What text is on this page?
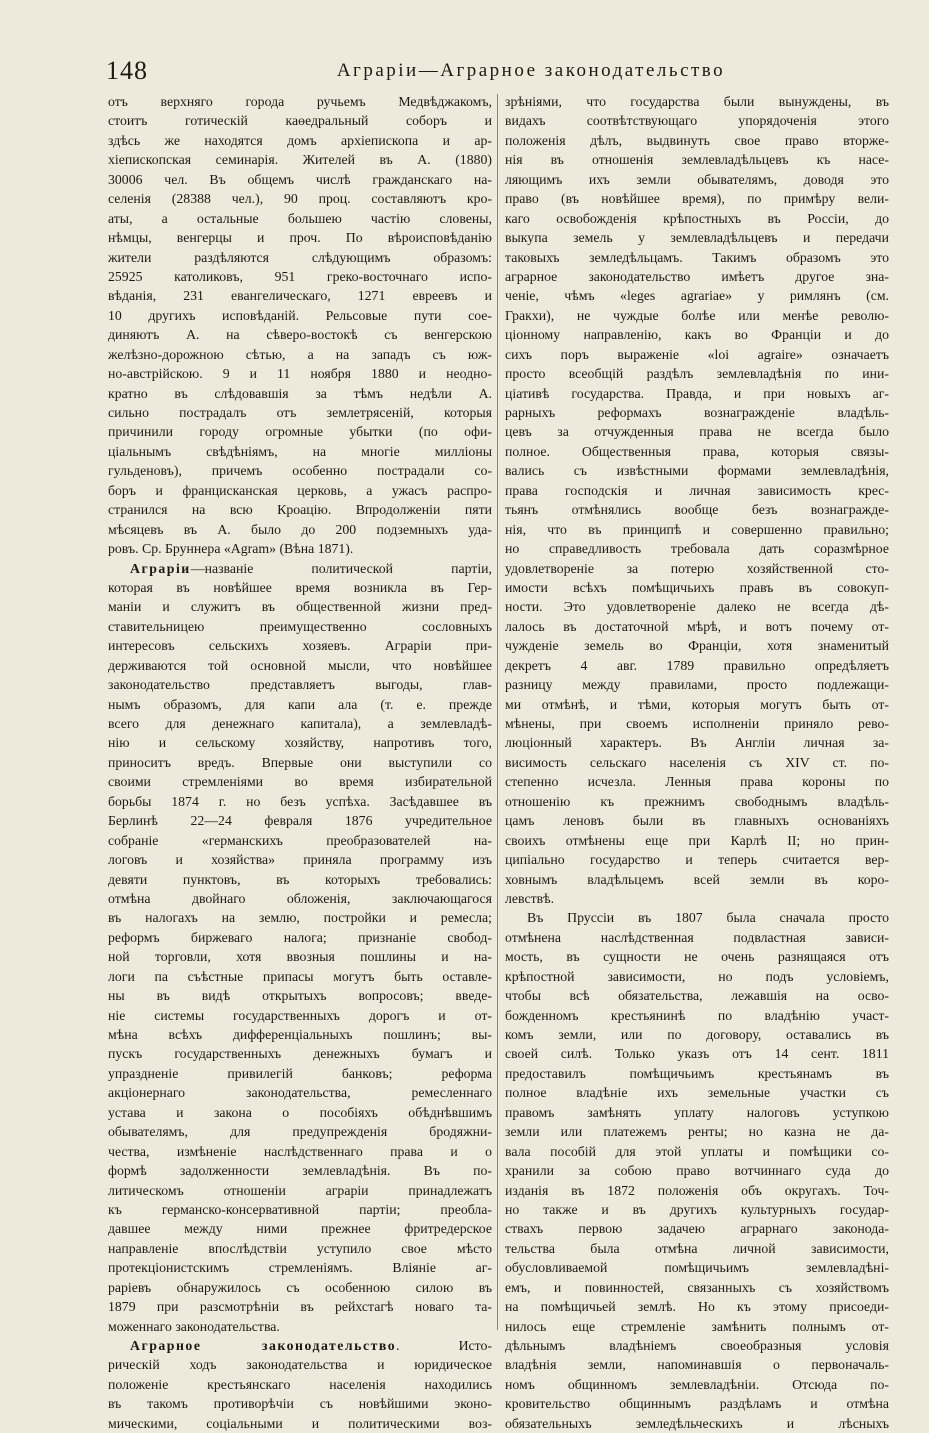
148	Аграріи—Аграрное законодательство
отъ верхняго города ручьемъ Медвѣджакомъ,
стоитъ готическій каѳедральный соборъ и
здѣсь же находятся домъ архіепископа и ар-
хіепископская семинарія. Жителей въ А. (1880)
30006 чел. Въ общемъ числѣ гражданскаго на-
селенія (28388 чел.), 90 проц. составляютъ кро-
аты, а остальные большею частію словены,
нѣмцы, венгерцы и проч. По вѣроисповѣданію
жители раздѣляются слѣдующимъ образомъ:
25925 католиковъ, 951 греко-восточнаго испо-
вѣданія, 231 евангелическаго, 1271 евреевъ и
10 другихъ исповѣданій. Рельсовые пути сое-
диняютъ А. на сѣверо-востокѣ съ венгерскою
желѣзно-дорожною сѣтью, а на западъ съ юж-
но-австрійскою. 9 и 11 ноября 1880 и неодно-
кратно въ слѣдовавшія за тѣмъ недѣли А.
сильно пострадалъ отъ землетрясеній, которыя
причинили городу огромные убытки (по офи-
ціальнымъ свѣдѣніямъ, на многіе милліоны
гульденовъ), причемъ особенно пострадали со-
боръ и францисканская церковь, а ужасъ распро-
странился на всю Кроацію. Впродолженіи пяти
мѣсяцевъ въ А. было до 200 подземныхъ уда-
ровъ. Ср. Бруннера «Agram» (Вѣна 1871).
Аграріи—названіе политической партіи,
которая въ новѣйшее время возникла въ Гер-
маніи и служитъ въ общественной жизни пред-
ставительницею преимущественно сословныхъ
интересовъ сельскихъ хозяевъ. Аграріи при-
держиваются той основной мысли, что новѣйшее
законодательство представляетъ выгоды, глав-
нымъ образомъ, для капи ала (т. е. прежде
всего для денежнаго капитала), а землевладѣ-
нію и сельскому хозяйству, напротивъ того,
приноситъ вредъ. Впервые они выступили со
своими стремленіями во время избирательной
борьбы 1874 г. но безъ успѣха. Засѣдавшее въ
Берлинѣ 22—24 февраля 1876 учредительное
собраніе «германскихъ преобразователей на-
логовъ и хозяйства» приняла программу изъ
девяти пунктовъ, въ которыхъ требовались:
отмѣна двойнаго обложенія, заключающагося
въ налогахъ на землю, постройки и ремесла;
реформъ биржеваго налога; признаніе свобод-
ной торговли, хотя ввозныя пошлины и на-
логи па съѣстные припасы могутъ быть оставле-
ны въ видѣ открытыхъ вопросовъ; введе-
ніе системы государственныхъ дорогъ и от-
мѣна всѣхъ дифференціальныхъ пошлинъ; вы-
пускъ государственныхъ денежныхъ бумагъ и
упраздненіе привилегій банковъ; реформа
акціонернаго законодательства, ремесленнаго
устава и закона о пособіяхъ обѣднѣвшимъ
обывателямъ, для предупрежденія бродяжни-
чества, измѣненіе наслѣдственнаго права и о
формѣ задолженности землевладѣнія. Въ по-
литическомъ отношеніи аграріи принадлежатъ
къ германско-консервативной партіи; преобла-
давшее между ними прежнее фритредерское
направленіе впослѣдствіи уступило свое мѣсто
протекціонистскимъ стремленіямъ. Вліяніе аг-
раріевъ обнаружилось съ особенною силою въ
1879 при разсмотрѣніи въ рейхстагѣ новаго та-
моженнаго законодательства.
Аграрное законодательство. Исто-
рическій ходъ законодательства и юридическое
положеніе крестьянскаго населенія находились
въ такомъ противорѣчіи съ новѣйшими эконо-
мическими, соціальными и политическими воз-
зрѣніями, что государства были вынуждены, въ
видахъ соотвѣтствующаго упорядоченія этого
положенія дѣлъ, выдвинуть свое право вторже-
нія въ отношенія землевладѣльцевъ къ насе-
ляющимъ ихъ земли обывателямъ, доводя это
право (въ новѣйшее время), по примѣру вели-
каго освобожденія крѣпостныхъ въ Россіи, до
выкупа земель у землевладѣльцевъ и передачи
таковыхъ земледѣльцамъ. Такимъ образомъ это
аграрное законодательство имѣетъ другое зна-
ченіе, чѣмъ «leges agrariae» у римлянъ (см.
Гракхи), не чуждые болѣе или менѣе револю-
ціонному направленію, какъ во Франціи и до
сихъ поръ выраженіе «loi agraire» означаетъ
просто всеобщій раздѣлъ землевладѣнія по ини-
ціативѣ государства. Правда, и при новыхъ аг-
рарныхъ реформахъ вознагражденіе владѣль-
цевъ за отчужденныя права не всегда было
полное. Общественныя права, которыя связы-
вались съ извѣстными формами землевладѣнія,
права господскія и личная зависимость крес-
тьянъ отмѣнялись вообще безъ вознагражде-
нія, что въ принципѣ и совершенно правильно;
но справедливость требовала дать соразмѣрное
удовлетвореніе за потерю хозяйственной сто-
имости всѣхъ помѣщичьихъ правъ въ совокуп-
ности. Это удовлетвореніе далеко не всегда дѣ-
лалось въ достаточной мѣрѣ, и вотъ почему от-
чужденіе земель во Франціи, хотя знаменитый
декретъ 4 авг. 1789 правильно опредѣляетъ
разницу между правилами, просто подлежащи-
ми отмѣнѣ, и тѣми, которыя могутъ быть от-
мѣнены, при своемъ исполненіи приняло рево-
люціонный характеръ. Въ Англіи личная за-
висимость сельскаго населенія съ XIV ст. по-
степенно исчезла. Ленныя права короны по
отношенію къ прежнимъ свободнымъ владѣль-
цамъ леновъ были въ главныхъ основаніяхъ
своихъ отмѣнены еще при Карлѣ II; но прин-
ципіально государство и теперь считается вер-
ховнымъ владѣльцемъ всей земли въ коро-
левствѣ.
Въ Пруссіи въ 1807 была сначала просто
отмѣнена наслѣдственная подвластная зависи-
мость, въ сущности не очень разнящаяся отъ
крѣпостной зависимости, но подъ условіемъ,
чтобы всѣ обязательства, лежавшія на осво-
божденномъ крестьянинѣ по владѣнію участ-
комъ земли, или по договору, оставались въ
своей силѣ. Только указъ отъ 14 сент. 1811
предоставилъ помѣщичьимъ крестьянамъ въ
полное владѣніе ихъ земельные участки съ
правомъ замѣнять уплату налоговъ уступкою
земли или платежемъ ренты; но казна не да-
вала пособій для этой уплаты и помѣщики со-
хранили за собою право вотчиннаго суда до
изданія въ 1872 положенія объ округахъ. Точ-
но также и въ другихъ культурныхъ государ-
ствахъ первою задачею аграрнаго законода-
тельства была отмѣна личной зависимости,
обусловливаемой помѣщичьимъ землевладѣні-
емъ, и повинностей, связанныхъ съ хозяйствомъ
на помѣщичьей землѣ. Но къ этому присоеди-
нилось еще стремленіе замѣнить полнымъ от-
дѣльнымъ владѣніемъ своеобразныя условія
владѣнія земли, напоминавшія о первоначаль-
номъ общинномъ землевладѣніи. Отсюда по-
кровительство общиннымъ раздѣламъ и отмѣна
обязательныхъ земледѣльческихъ и лѣсныхъ
